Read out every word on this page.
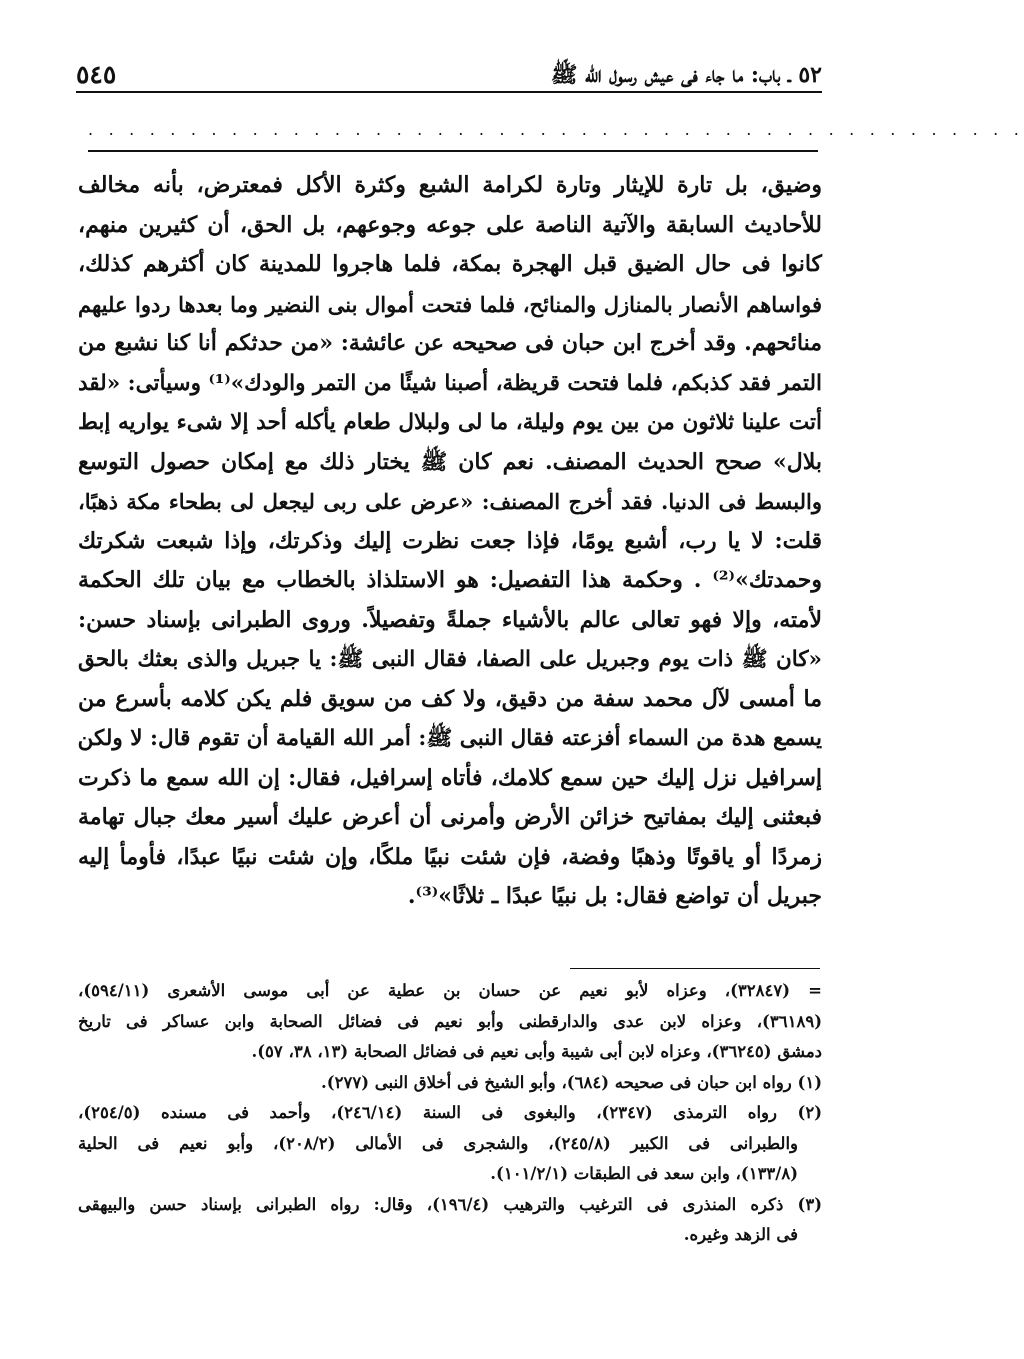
٥٤٥	٥٢ ـ باب: ما جاء فى عيش رسول الله ﷺ
. . . . . . . . . . . . . . . . . . . . . . . . . . . . . . . . . . . . . . . . . . . . . .
وضيق، بل تارة للإيثار وتارة لكرامة الشبع وكثرة الأكل فمعترض، بأنه مخالف
للأحاديث السابقة والآتية الناصة على جوعه وجوعهم، بل الحق، أن كثيرين منهم،
كانوا فى حال الضيق قبل الهجرة بمكة، فلما هاجروا للمدينة كان أكثرهم كذلك،
فواساهم الأنصار بالمنازل والمنائح، فلما فتحت أموال بنى النضير وما بعدها ردوا عليهم
منائحهم. وقد أخرج ابن حبان فى صحيحه عن عائشة: «من حدثكم أنا كنا نشبع من
التمر فقد كذبكم، فلما فتحت قريظة، أصبنا شيئًا من التمر والودك»⁽¹⁾ وسيأتى: «لقد
أتت علينا ثلاثون من بين يوم وليلة، ما لى ولبلال طعام يأكله أحد إلا شىء يواريه إبط
بلال» صحح الحديث المصنف. نعم كان ﷺ يختار ذلك مع إمكان حصول التوسع
والبسط فى الدنيا. فقد أخرج المصنف: «عرض على ربى ليجعل لى بطحاء مكة ذهبًا،
قلت: لا يا رب، أشبع يومًا، فإذا جعت نظرت إليك وذكرتك، وإذا شبعت شكرتك
وحمدتك»⁽²⁾ . وحكمة هذا التفصيل: هو الاستلذاذ بالخطاب مع بيان تلك الحكمة
لأمته، وإلا فهو تعالى عالم بالأشياء جملةً وتفصيلاً. وروى الطبرانى بإسناد حسن:
«كان ﷺ ذات يوم وجبريل على الصفا، فقال النبى ﷺ: يا جبريل والذى بعثك بالحق
ما أمسى لآل محمد سفة من دقيق، ولا كف من سويق فلم يكن كلامه بأسرع من
يسمع هدة من السماء أفزعته فقال النبى ﷺ: أمر الله القيامة أن تقوم قال: لا ولكن
إسرافيل نزل إليك حين سمع كلامك، فأتاه إسرافيل، فقال: إن الله سمع ما ذكرت
فبعثنى إليك بمفاتيح خزائن الأرض وأمرنى أن أعرض عليك أسير معك جبال تهامة
زمردًا أو ياقوتًا وذهبًا وفضة، فإن شئت نبيًا ملكًا، وإن شئت نبيًا عبدًا، فأومأ إليه
جبريل أن تواضع فقال: بل نبيًا عبدًا ـ ثلاثًا»⁽³⁾.
= (٣٢٨٤٧)، وعزاه لأبو نعيم عن حسان بن عطية عن أبى موسى الأشعرى (٥٩٤/١١)،
(٣٦١٨٩)، وعزاه لابن عدى والدارقطنى وأبو نعيم فى فضائل الصحابة وابن عساكر فى تاريخ
دمشق (٣٦٢٤٥)، وعزاه لابن أبى شيبة وأبى نعيم فى فضائل الصحابة (١٣، ٣٨، ٥٧).
(١) رواه ابن حبان فى صحيحه (٦٨٤)، وأبو الشيخ فى أخلاق النبى (٢٧٧).
(٢) رواه الترمذى (٢٣٤٧)، والبغوى فى السنة (٢٤٦/١٤)، وأحمد فى مسنده (٢٥٤/٥)،
والطبرانى فى الكبير (٢٤٥/٨)، والشجرى فى الأمالى (٢٠٨/٢)، وأبو نعيم فى الحلية
(١٣٣/٨)، وابن سعد فى الطبقات (١٠١/٢/١).
(٣) ذكره المنذرى فى الترغيب والترهيب (١٩٦/٤)، وقال: رواه الطبرانى بإسناد حسن والبيهقى
فى الزهد وغيره.
